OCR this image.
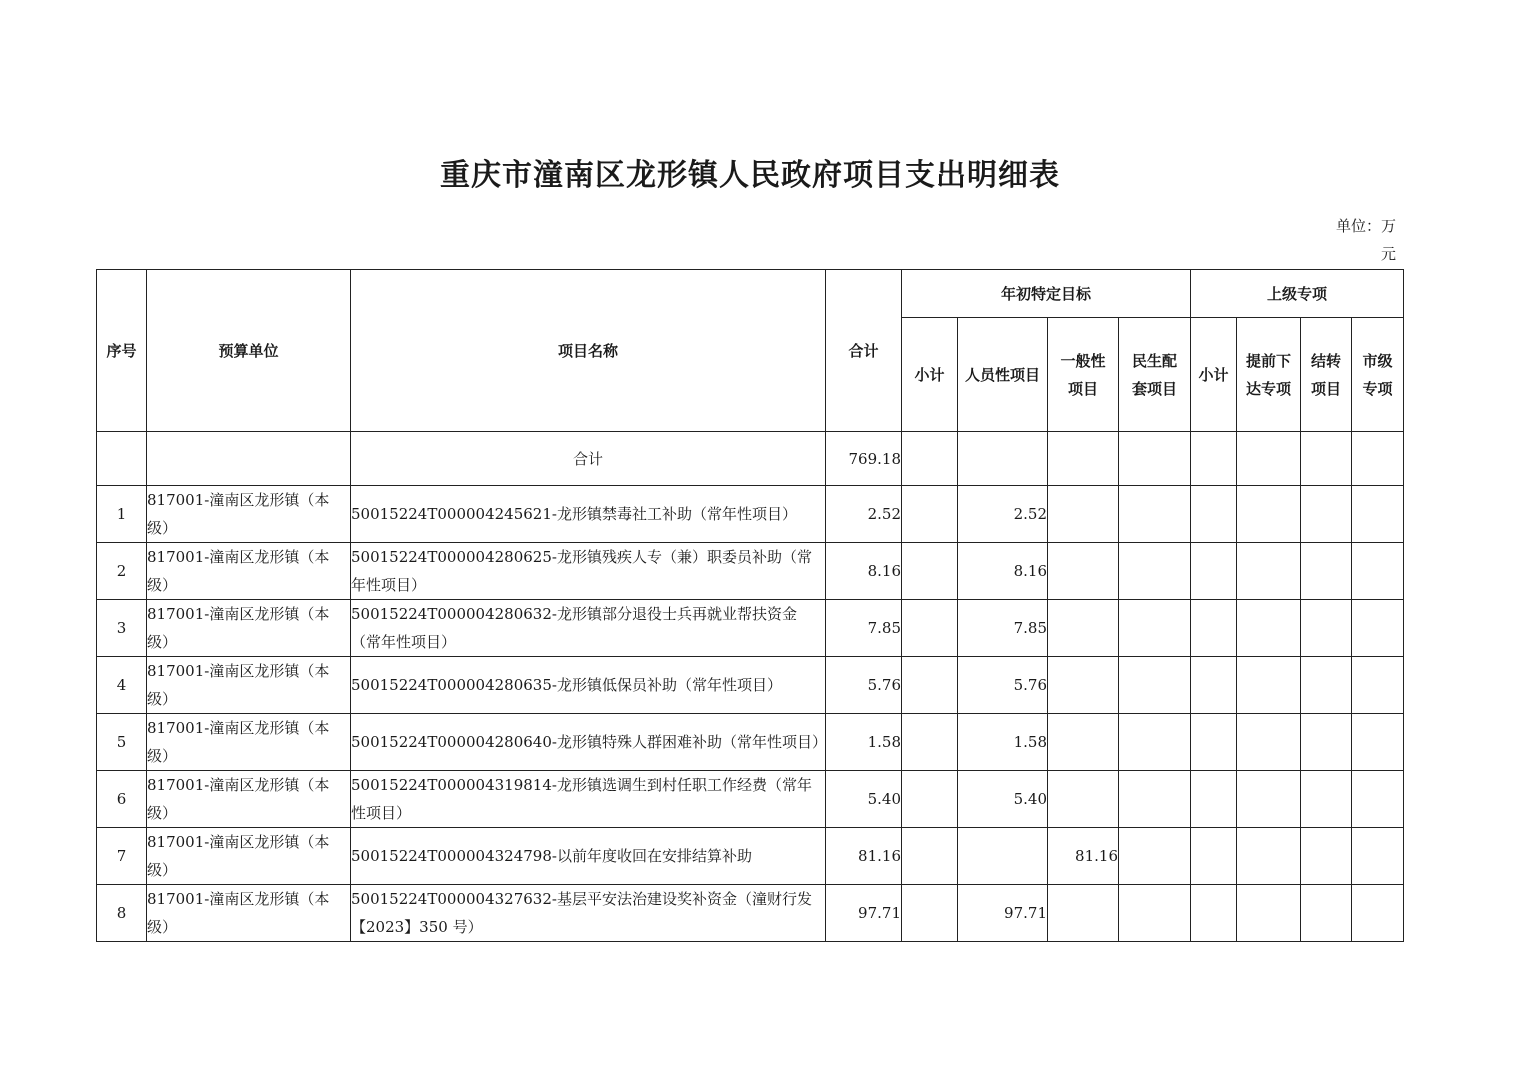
重庆市潼南区龙形镇人民政府项目支出明细表
单位：万元
序号	预算单位	项目名称	合计	年初特定目标				上级专项			
				小计	人员性项目	一般性项目	民生配套项目	小计	提前下达专项	结转项目	市级专项
		合计	769.18								
1	817001-潼南区龙形镇（本级）	50015224T000004245621-龙形镇禁毒社工补助（常年性项目）	2.52		2.52						
2	817001-潼南区龙形镇（本级）	50015224T000004280625-龙形镇残疾人专（兼）职委员补助（常年性项目）	8.16		8.16						
3	817001-潼南区龙形镇（本级）	50015224T000004280632-龙形镇部分退役士兵再就业帮扶资金（常年性项目）	7.85		7.85						
4	817001-潼南区龙形镇（本级）	50015224T000004280635-龙形镇低保员补助（常年性项目）	5.76		5.76						
5	817001-潼南区龙形镇（本级）	50015224T000004280640-龙形镇特殊人群困难补助（常年性项目）	1.58		1.58						
6	817001-潼南区龙形镇（本级）	50015224T000004319814-龙形镇选调生到村任职工作经费（常年性项目）	5.40		5.40						
7	817001-潼南区龙形镇（本级）	50015224T000004324798-以前年度收回在安排结算补助	81.16			81.16					
8	817001-潼南区龙形镇（本级）	50015224T000004327632-基层平安法治建设奖补资金（潼财行发【2023】350 号）	97.71		97.71						
